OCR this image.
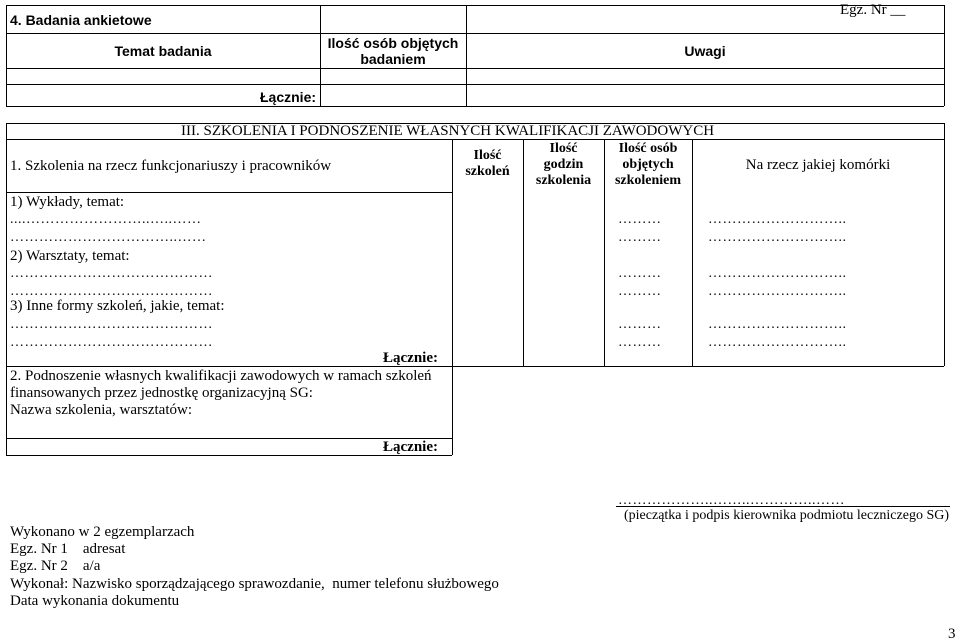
4. Badania ankietowe
Egz. Nr __
Temat badania	Ilość osób objętych
badaniem	Uwagi
Łącznie:
III. SZKOLENIA I PODNOSZENIE WŁASNYCH KWALIFIKACJI ZAWODOWYCH
1. Szkolenia na rzecz funkcjonariuszy i pracowników
Ilość
szkoleń
Ilość
godzin
szkolenia
Ilość osób
objętych
szkoleniem
Na rzecz jakiej komórki
1) Wykłady, temat:
....……………………..…..……
……………………………..……
………
………
………………………..
………………………..
2) Warsztaty, temat:
……………………………………
……………………………………
………
………
………………………..
………………………..
3) Inne formy szkoleń, jakie, temat:
……………………………………
……………………………………
………
………
………………………..
………………………..
Łącznie:
2. Podnoszenie własnych kwalifikacji zawodowych w ramach szkoleń
finansowanych przez jednostkę organizacyjną SG:
Nazwa szkolenia, warsztatów:
Łącznie:
………………..……..…………..……
(pieczątka i podpis kierownika podmiotu leczniczego SG)
Wykonano w 2 egzemplarzach
Egz. Nr 1    adresat
Egz. Nr 2    a/a
Wykonał: Nazwisko sporządzającego sprawozdanie,  numer telefonu służbowego
Data wykonania dokumentu
3
